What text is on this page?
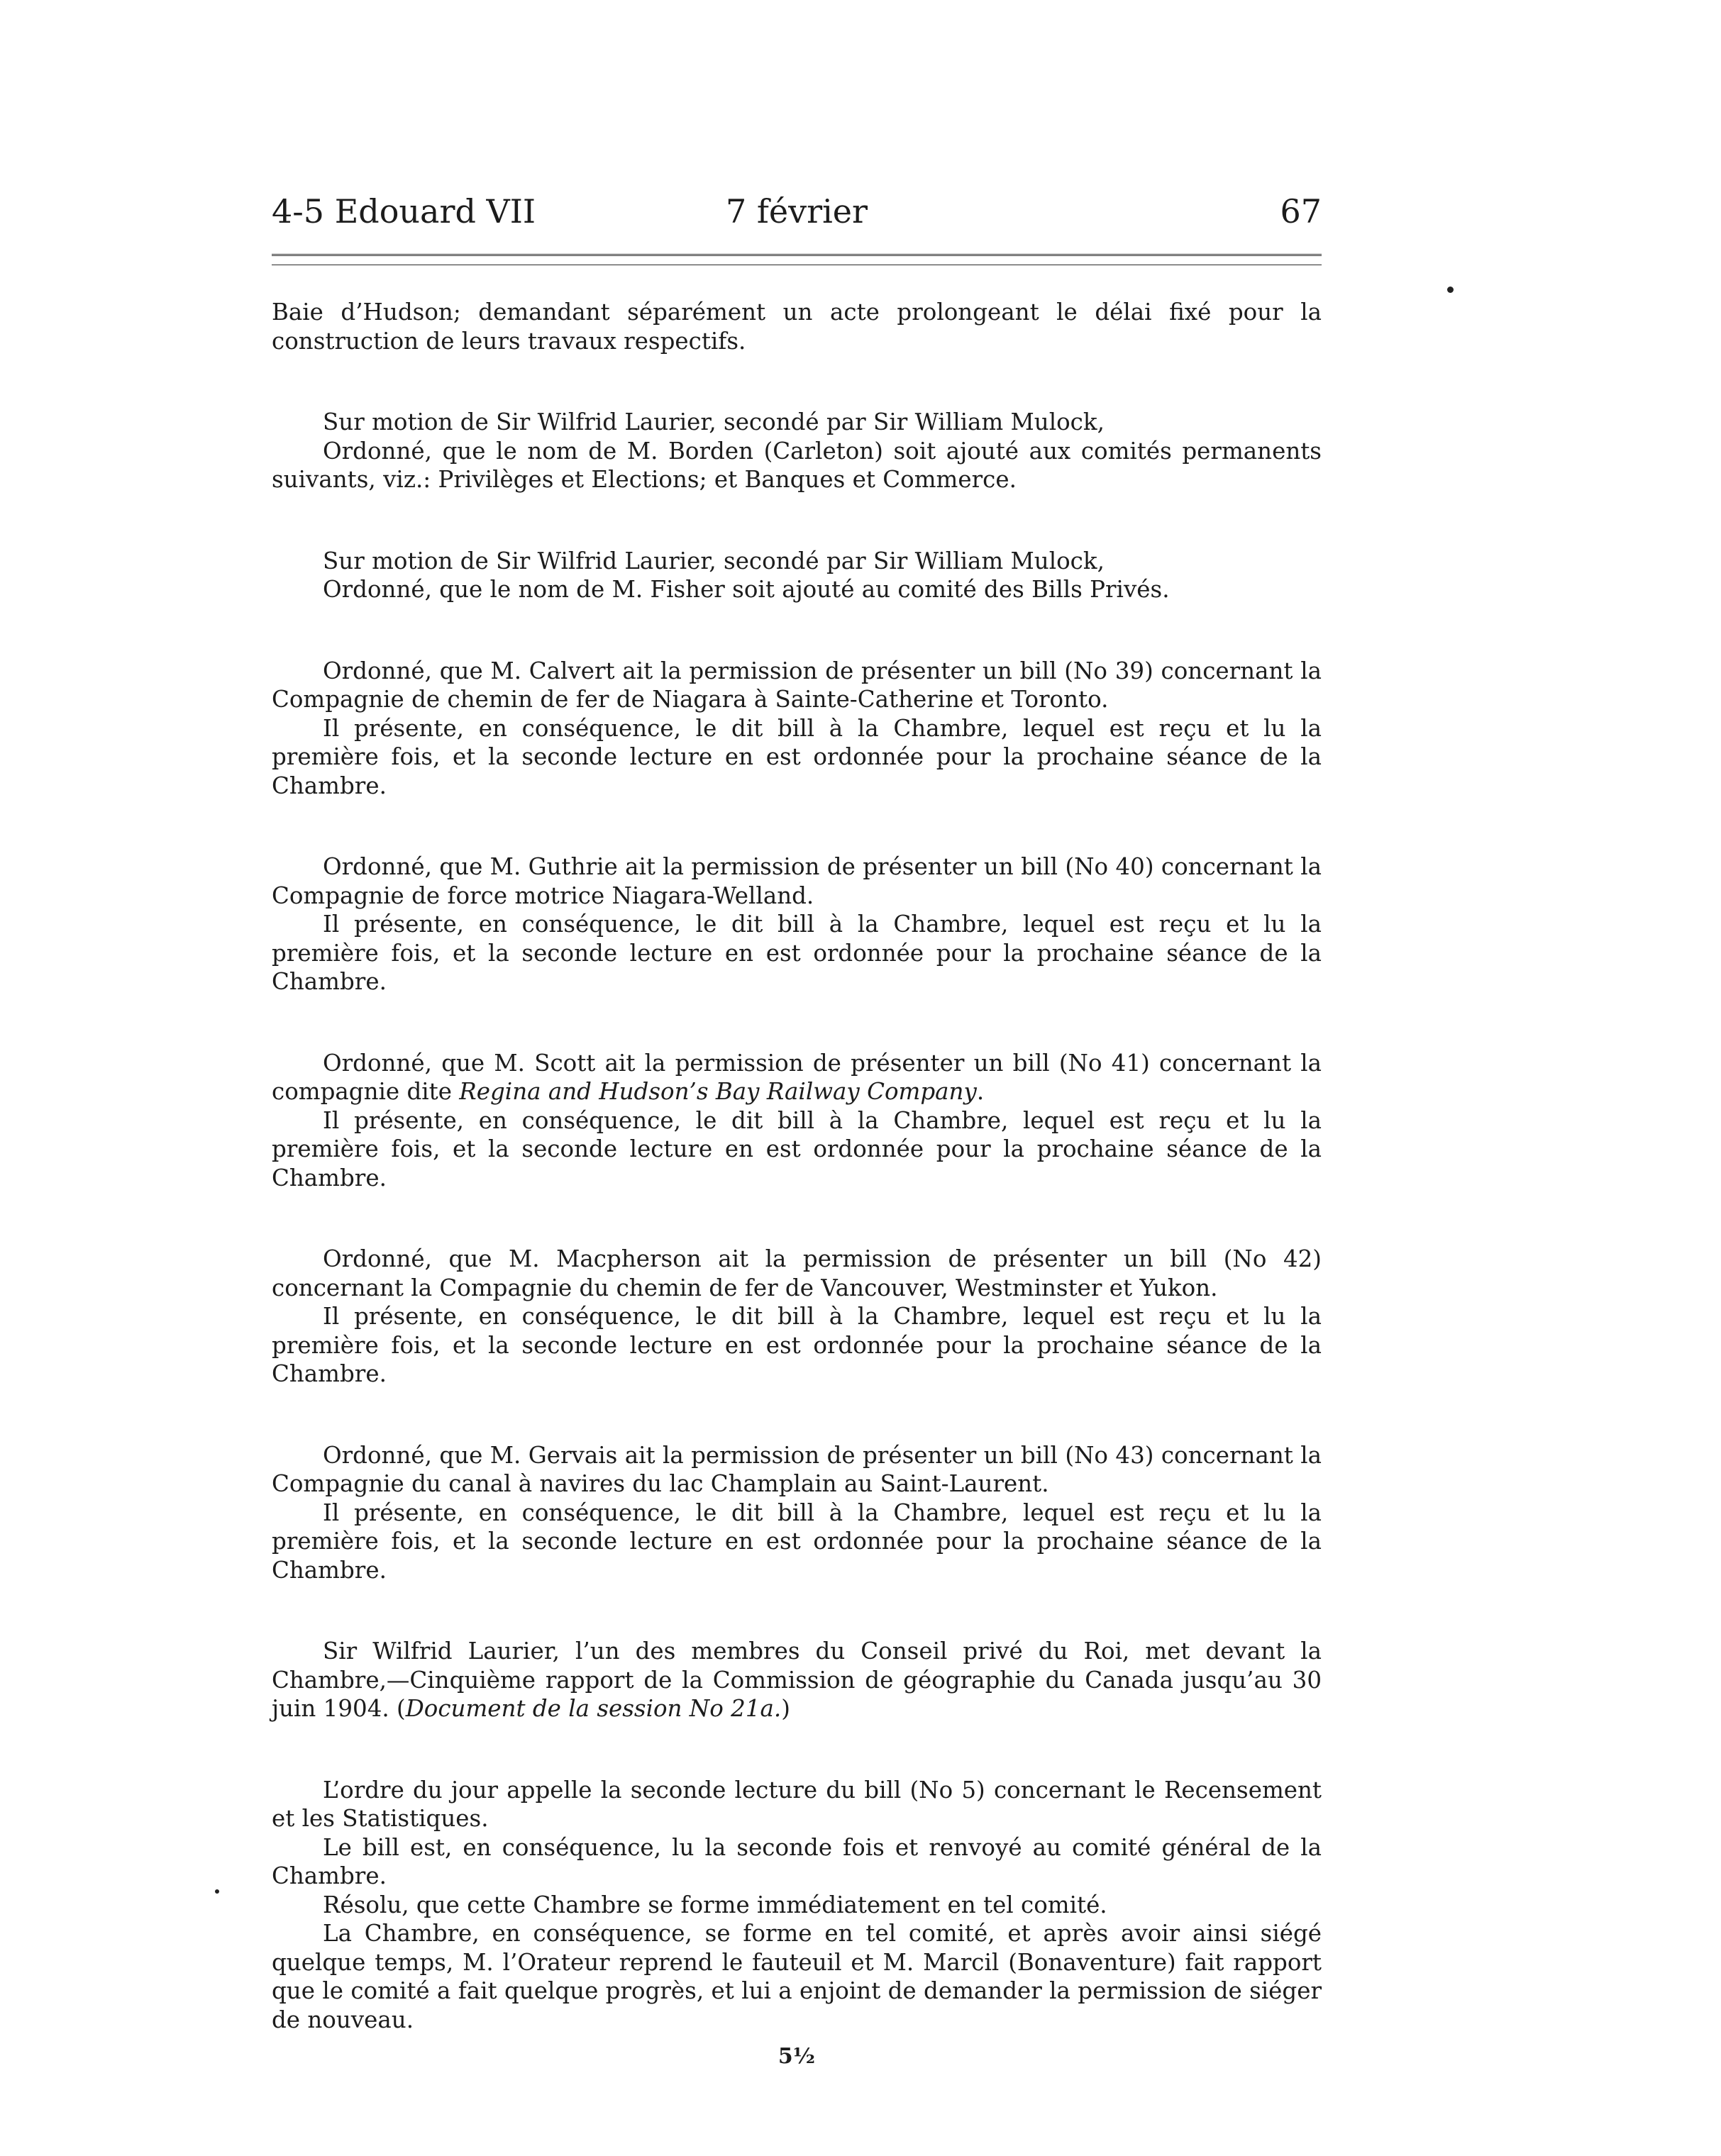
4-5 Edouard VII	7 février	67

Baie d’Hudson; demandant séparément un acte prolongeant le délai fixé pour la construction de leurs travaux respectifs.

Sur motion de Sir Wilfrid Laurier, secondé par Sir William Mulock,

Ordonné, que le nom de M. Borden (Carleton) soit ajouté aux comités permanents suivants, viz.: Privilèges et Elections; et Banques et Commerce.

Sur motion de Sir Wilfrid Laurier, secondé par Sir William Mulock,

Ordonné, que le nom de M. Fisher soit ajouté au comité des Bills Privés.

Ordonné, que M. Calvert ait la permission de présenter un bill (No 39) concernant la Compagnie de chemin de fer de Niagara à Sainte-Catherine et Toronto.

Il présente, en conséquence, le dit bill à la Chambre, lequel est reçu et lu la première fois, et la seconde lecture en est ordonnée pour la prochaine séance de la Chambre.

Ordonné, que M. Guthrie ait la permission de présenter un bill (No 40) concernant la Compagnie de force motrice Niagara-Welland.

Il présente, en conséquence, le dit bill à la Chambre, lequel est reçu et lu la première fois, et la seconde lecture en est ordonnée pour la prochaine séance de la Chambre.

Ordonné, que M. Scott ait la permission de présenter un bill (No 41) concernant la compagnie dite Regina and Hudson’s Bay Railway Company.

Il présente, en conséquence, le dit bill à la Chambre, lequel est reçu et lu la première fois, et la seconde lecture en est ordonnée pour la prochaine séance de la Chambre.

Ordonné, que M. Macpherson ait la permission de présenter un bill (No 42) concernant la Compagnie du chemin de fer de Vancouver, Westminster et Yukon.

Il présente, en conséquence, le dit bill à la Chambre, lequel est reçu et lu la première fois, et la seconde lecture en est ordonnée pour la prochaine séance de la Chambre.

Ordonné, que M. Gervais ait la permission de présenter un bill (No 43) concernant la Compagnie du canal à navires du lac Champlain au Saint-Laurent.

Il présente, en conséquence, le dit bill à la Chambre, lequel est reçu et lu la première fois, et la seconde lecture en est ordonnée pour la prochaine séance de la Chambre.

Sir Wilfrid Laurier, l’un des membres du Conseil privé du Roi, met devant la Chambre,—Cinquième rapport de la Commission de géographie du Canada jusqu’au 30 juin 1904. (Document de la session No 21a.)

L’ordre du jour appelle la seconde lecture du bill (No 5) concernant le Recensement et les Statistiques.

Le bill est, en conséquence, lu la seconde fois et renvoyé au comité général de la Chambre.

Résolu, que cette Chambre se forme immédiatement en tel comité.

La Chambre, en conséquence, se forme en tel comité, et après avoir ainsi siégé quelque temps, M. l’Orateur reprend le fauteuil et M. Marcil (Bonaventure) fait rapport que le comité a fait quelque progrès, et lui a enjoint de demander la permission de siéger de nouveau.

5½
